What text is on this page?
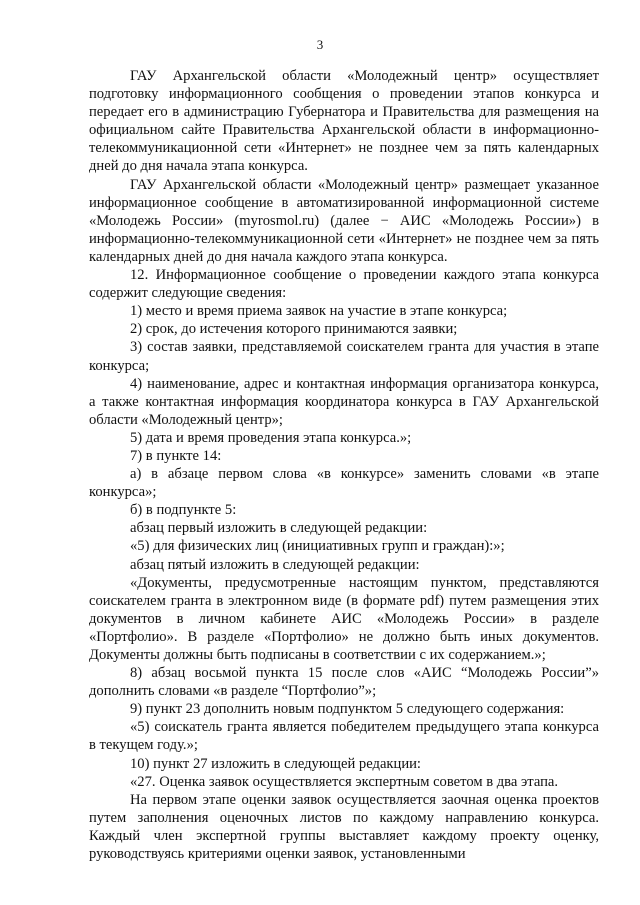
3

ГАУ Архангельской области «Молодежный центр» осуществляет подготовку информационного сообщения о проведении этапов конкурса и передает его в администрацию Губернатора и Правительства для размещения на официальном сайте Правительства Архангельской области в информационно-телекоммуникационной сети «Интернет» не позднее чем за пять календарных дней до дня начала этапа конкурса.

ГАУ Архангельской области «Молодежный центр» размещает указанное информационное сообщение в автоматизированной информационной системе «Молодежь России» (myrosmol.ru) (далее − АИС «Молодежь России») в информационно-телекоммуникационной сети «Интернет» не позднее чем за пять календарных дней до дня начала каждого этапа конкурса.

12. Информационное сообщение о проведении каждого этапа конкурса содержит следующие сведения:

1) место и время приема заявок на участие в этапе конкурса;

2) срок, до истечения которого принимаются заявки;

3) состав заявки, представляемой соискателем гранта для участия в этапе конкурса;

4) наименование, адрес и контактная информация организатора конкурса, а также контактная информация координатора конкурса в ГАУ Архангельской области «Молодежный центр»;

5) дата и время проведения этапа конкурса.»;

7) в пункте 14:

а) в абзаце первом слова «в конкурсе» заменить словами «в этапе конкурса»;

б) в подпункте 5:

абзац первый изложить в следующей редакции:

«5) для физических лиц (инициативных групп и граждан):»;

абзац пятый изложить в следующей редакции:

«Документы, предусмотренные настоящим пунктом, представляются соискателем гранта в электронном виде (в формате pdf) путем размещения этих документов в личном кабинете АИС «Молодежь России» в разделе «Портфолио». В разделе «Портфолио» не должно быть иных документов. Документы должны быть подписаны в соответствии с их содержанием.»;

8) абзац восьмой пункта 15 после слов «АИС “Молодежь России”» дополнить словами «в разделе “Портфолио”»;

9) пункт 23 дополнить новым подпунктом 5 следующего содержания:

«5) соискатель гранта является победителем предыдущего этапа конкурса в текущем году.»;

10) пункт 27 изложить в следующей редакции:

«27. Оценка заявок осуществляется экспертным советом в два этапа.

На первом этапе оценки заявок осуществляется заочная оценка проектов путем заполнения оценочных листов по каждому направлению конкурса. Каждый член экспертной группы выставляет каждому проекту оценку, руководствуясь критериями оценки заявок, установленными
